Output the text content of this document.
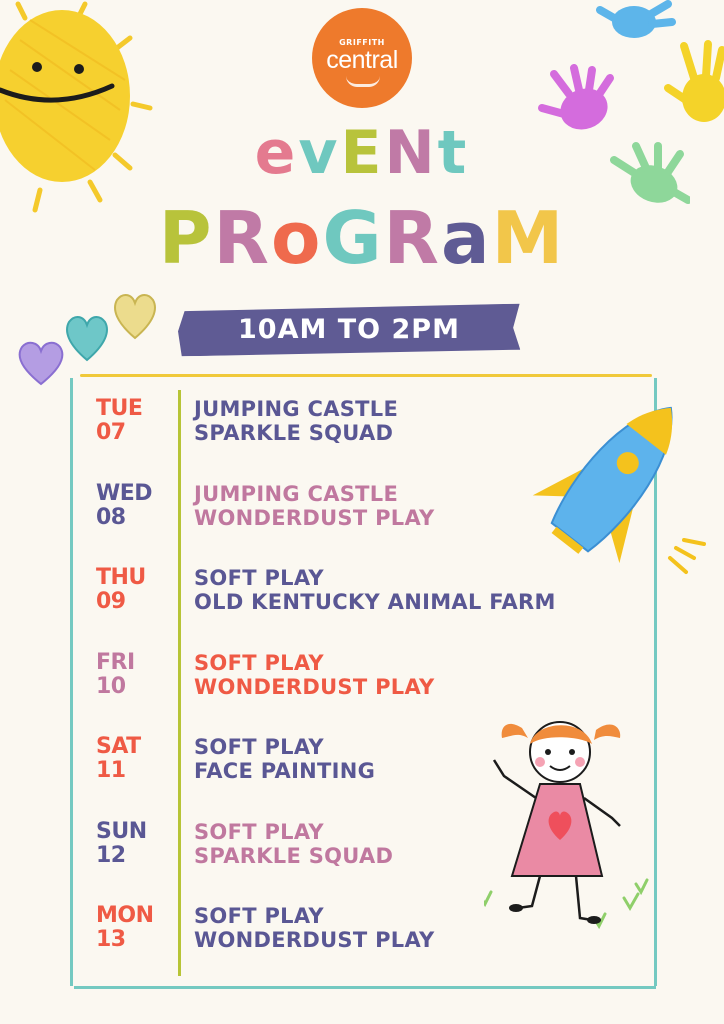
GRIFFITH
central
evENt
PRoGRaM
10AM TO 2PM
TUE
07
JUMPING CASTLE
SPARKLE SQUAD
WED
08
JUMPING CASTLE
WONDERDUST PLAY
THU
09
SOFT PLAY
OLD KENTUCKY ANIMAL FARM
FRI
10
SOFT PLAY
WONDERDUST PLAY
SAT
11
SOFT PLAY
FACE PAINTING
SUN
12
SOFT PLAY
SPARKLE SQUAD
MON
13
SOFT PLAY
WONDERDUST PLAY
